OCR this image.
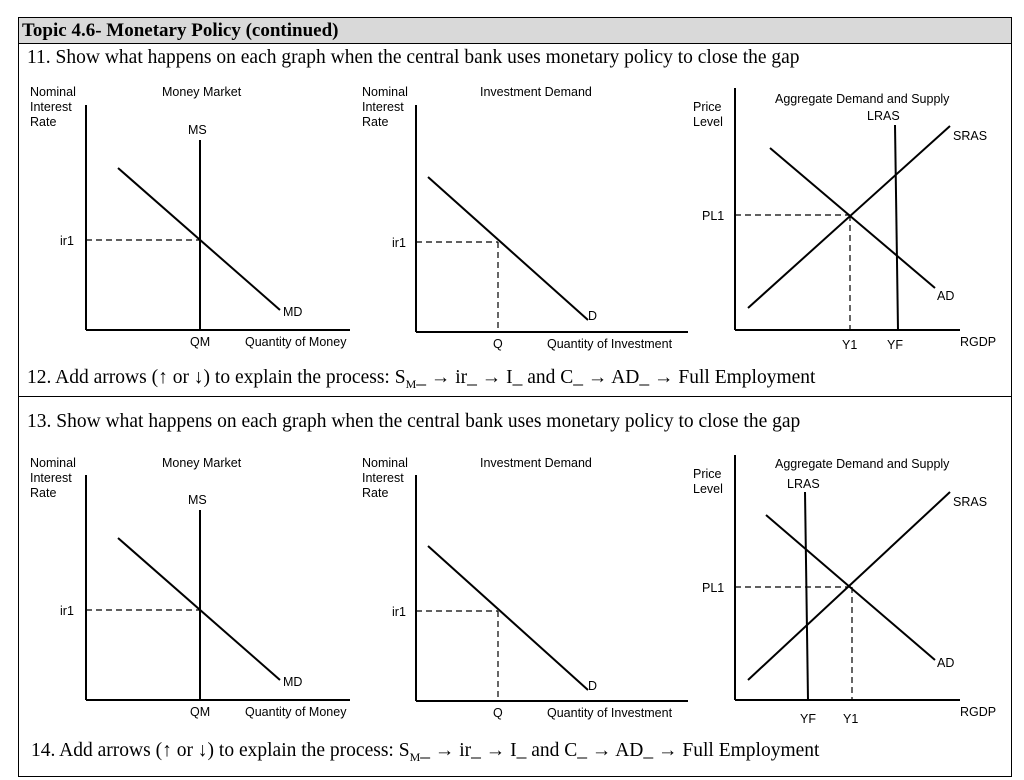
Topic 4.6- Monetary Policy (continued)
11. Show what happens on each graph when the central bank uses monetary policy to close the gap
12. Add arrows (↑ or ↓) to explain the process: $S_M\_$ → ir_ → I_ and C_ → AD_ → Full Employment
13. Show what happens on each graph when the central bank uses monetary policy to close the gap
14. Add arrows (↑ or ↓) to explain the process: $S_M\_$ → ir_ → I_ and C_ → AD_ → Full Employment
Nominal
Interest
Rate
Money Market
MS
MD
ir1
QM	Quantity of Money
Nominal
Interest
Rate
Investment Demand
D
ir1
Q	Quantity of Investment
Price
Level
Aggregate Demand and Supply
LRAS
SRAS
AD
PL1
Y1 YF	RGDP
Nominal
Interest
Rate
Money Market
MS
MD
ir1
QM	Quantity of Money
Nominal
Interest
Rate
Investment Demand
D
ir1
Q	Quantity of Investment
Price
Level
Aggregate Demand and Supply
LRAS
SRAS
AD
PL1
YF Y1	RGDP
